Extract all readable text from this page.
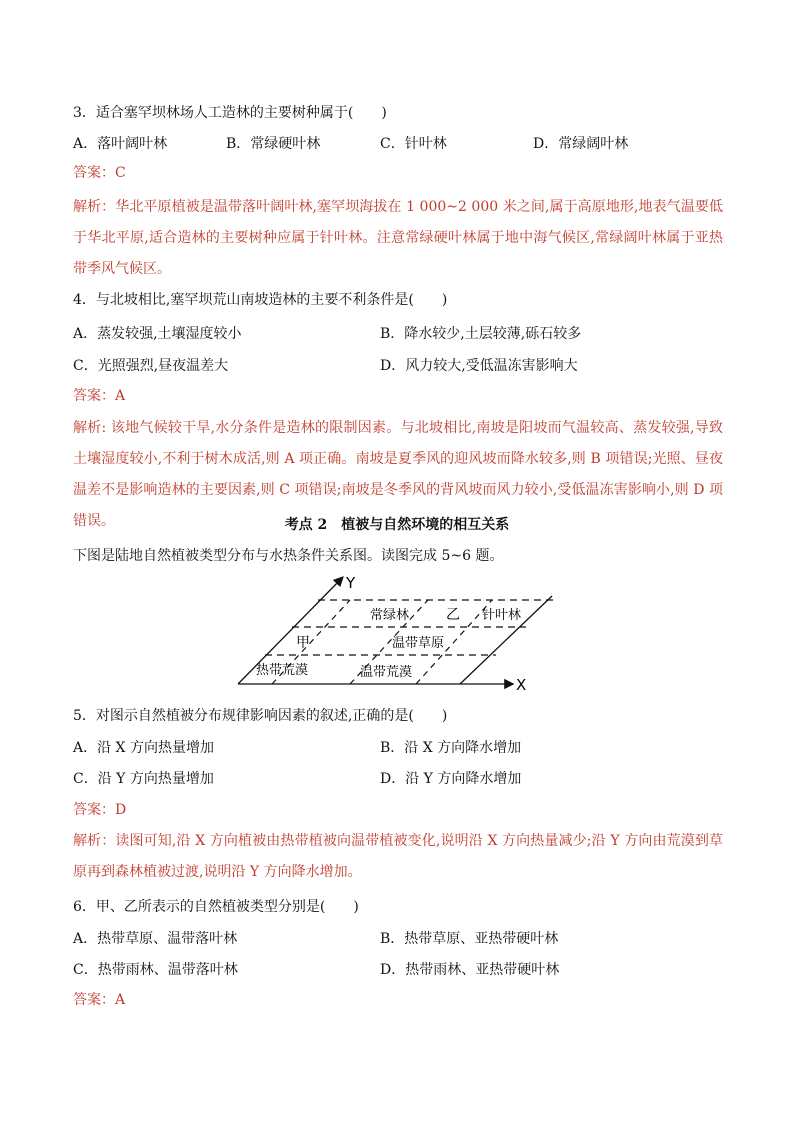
3．适合塞罕坝林场人工造林的主要树种属于(　　)
A．落叶阔叶林	B．常绿硬叶林	C．针叶林	D．常绿阔叶林
答案：C
解析：华北平原植被是温带落叶阔叶林,塞罕坝海拔在 1 000~2 000 米之间,属于高原地形,地表气温要低于华北平原,适合造林的主要树种应属于针叶林。注意常绿硬叶林属于地中海气候区,常绿阔叶林属于亚热带季风气候区。
4．与北坡相比,塞罕坝荒山南坡造林的主要不利条件是(　　)
A．蒸发较强,土壤湿度较小	B．降水较少,土层较薄,砾石较多
C．光照强烈,昼夜温差大	D．风力较大,受低温冻害影响大
答案：A
解析: 该地气候较干旱,水分条件是造林的限制因素。与北坡相比,南坡是阳坡而气温较高、蒸发较强,导致土壤湿度较小,不利于树木成活,则 A 项正确。南坡是夏季风的迎风坡而降水较多,则 B 项错误;光照、昼夜温差不是影响造林的主要因素,则 C 项错误;南坡是冬季风的背风坡而风力较小,受低温冻害影响小,则 D 项错误。	考点 2　植被与自然环境的相互关系
下图是陆地自然植被类型分布与水热条件关系图。读图完成 5~6 题。
Y
X
常绿林	乙 针叶林
甲	温带草原
热带荒漠	温带荒漠
5．对图示自然植被分布规律影响因素的叙述,正确的是(　　)
A．沿 X 方向热量增加	B．沿 X 方向降水增加
C．沿 Y 方向热量增加	D．沿 Y 方向降水增加
答案：D
解析：读图可知,沿 X 方向植被由热带植被向温带植被变化,说明沿 X 方向热量减少;沿 Y 方向由荒漠到草原再到森林植被过渡,说明沿 Y 方向降水增加。
6．甲、乙所表示的自然植被类型分别是(　　)
A．热带草原、温带落叶林	B．热带草原、亚热带硬叶林
C．热带雨林、温带落叶林	D．热带雨林、亚热带硬叶林
答案：A
